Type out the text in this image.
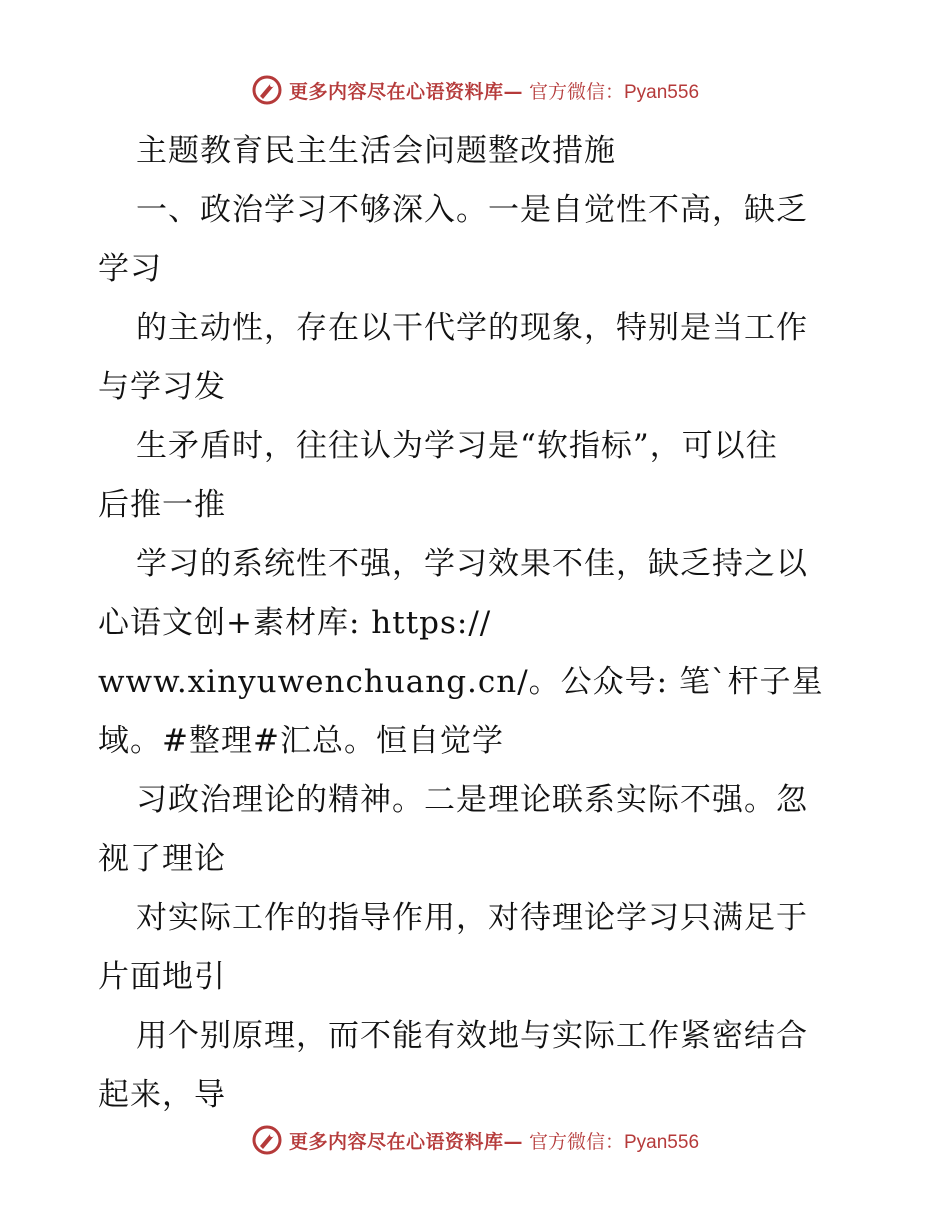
更多内容尽在心语资料库— 官方微信：Pyan556
主题教育民主生活会问题整改措施
一、政治学习不够深入。一是自觉性不高，缺乏
学习
的主动性，存在以干代学的现象，特别是当工作
与学习发
生矛盾时，往往认为学习是“软指标”，可以往
后推一推
学习的系统性不强，学习效果不佳，缺乏持之以
心语文创+素材库: https://
www.xinyuwenchuang.cn/。公众号: 笔`杆子星
域。#整理#汇总。恒自觉学
习政治理论的精神。二是理论联系实际不强。忽
视了理论
对实际工作的指导作用，对待理论学习只满足于
片面地引
用个别原理，而不能有效地与实际工作紧密结合
起来，导
更多内容尽在心语资料库— 官方微信：Pyan556
